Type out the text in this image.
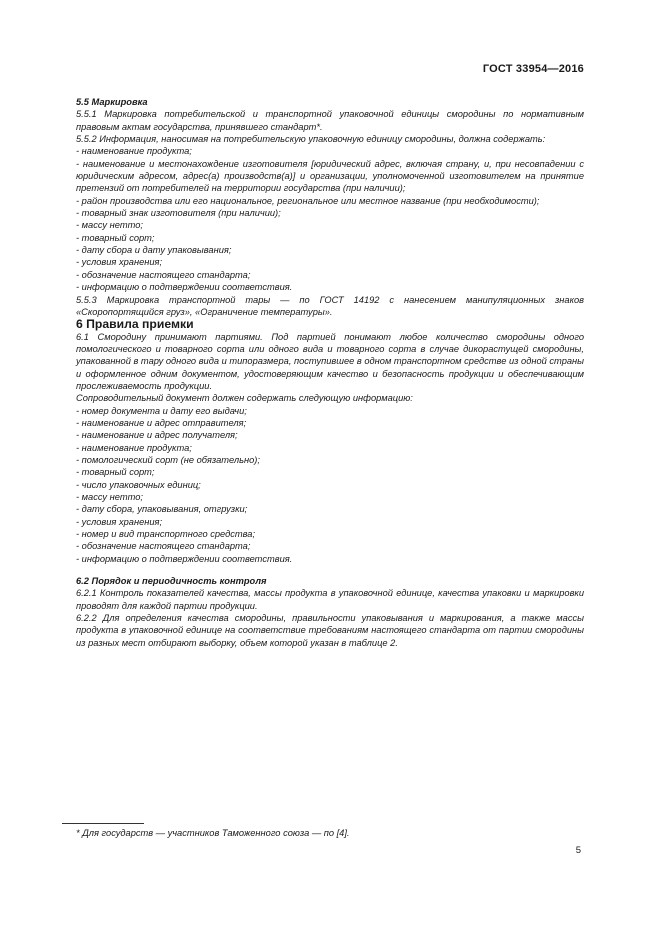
ГОСТ 33954—2016

5.5 Маркировка

5.5.1 Маркировка потребительской и транспортной упаковочной единицы смородины по нормативным правовым актам государства, принявшего стандарт*.

5.5.2 Информация, наносимая на потребительскую упаковочную единицу смородины, должна содержать:

- наименование продукта;

- наименование и местонахождение изготовителя [юридический адрес, включая страну, и, при несовпадении с юридическим адресом, адрес(а) производств(а)] и организации, уполномоченной изготовителем на принятие претензий от потребителей на территории государства (при наличии);

- район производства или его национальное, региональное или местное название (при необходимости);

- товарный знак изготовителя (при наличии);

- массу нетто;

- товарный сорт;

- дату сбора и дату упаковывания;

- условия хранения;

- обозначение настоящего стандарта;

- информацию о подтверждении соответствия.

5.5.3 Маркировка транспортной тары — по ГОСТ 14192 с нанесением манипуляционных знаков «Скоропортящийся груз», «Ограничение температуры».

6 Правила приемки

6.1 Смородину принимают партиями. Под партией понимают любое количество смородины одного помологического и товарного сорта или одного вида и товарного сорта в случае дикорастущей смородины, упакованной в тару одного вида и типоразмера, поступившее в одном транспортном средстве из одной страны и оформленное одним документом, удостоверяющим качество и безопасность продукции и обеспечивающим прослеживаемость продукции.

Сопроводительный документ должен содержать следующую информацию:

- номер документа и дату его выдачи;

- наименование и адрес отправителя;

- наименование и адрес получателя;

- наименование продукта;

- помологический сорт (не обязательно);

- товарный сорт;

- число упаковочных единиц;

- массу нетто;

- дату сбора, упаковывания, отгрузки;

- условия хранения;

- номер и вид транспортного средства;

- обозначение настоящего стандарта;

- информацию о подтверждении соответствия.

6.2 Порядок и периодичность контроля

6.2.1 Контроль показателей качества, массы продукта в упаковочной единице, качества упаковки и маркировки проводят для каждой партии продукции.

6.2.2 Для определения качества смородины, правильности упаковывания и маркирования, а также массы продукта в упаковочной единице на соответствие требованиям настоящего стандарта от партии смородины из разных мест отбирают выборку, объем которой указан в таблице 2.

* Для государств — участников Таможенного союза — по [4].
5
